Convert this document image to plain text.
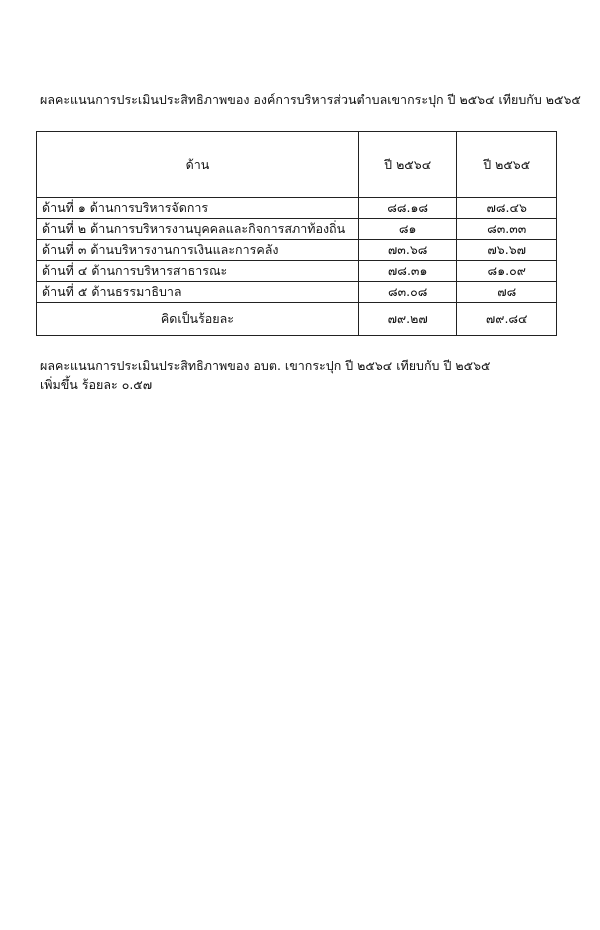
ผลคะแนนการประเมินประสิทธิภาพของ องค์การบริหารส่วนตำบลเขากระปุก ปี ๒๕๖๔ เทียบกับ ๒๕๖๕
ด้าน	ปี ๒๕๖๔	ปี ๒๕๖๕
ด้านที่ ๑ ด้านการบริหารจัดการ	๘๘.๑๘	๗๘.๔๖
ด้านที่ ๒ ด้านการบริหารงานบุคคลและกิจการสภาท้องถิ่น	๘๑	๘๓.๓๓
ด้านที่ ๓ ด้านบริหารงานการเงินและการคลัง	๗๓.๖๘	๗๖.๖๗
ด้านที่ ๔ ด้านการบริหารสาธารณะ	๗๘.๓๑	๘๑.๐๙
ด้านที่ ๕ ด้านธรรมาธิบาล	๘๓.๐๘	๗๘
คิดเป็นร้อยละ	๗๙.๒๗	๗๙.๘๔
ผลคะแนนการประเมินประสิทธิภาพของ อบต. เขากระปุก ปี ๒๕๖๔ เทียบกับ ปี ๒๕๖๕
เพิ่มขึ้น ร้อยละ ๐.๕๗
